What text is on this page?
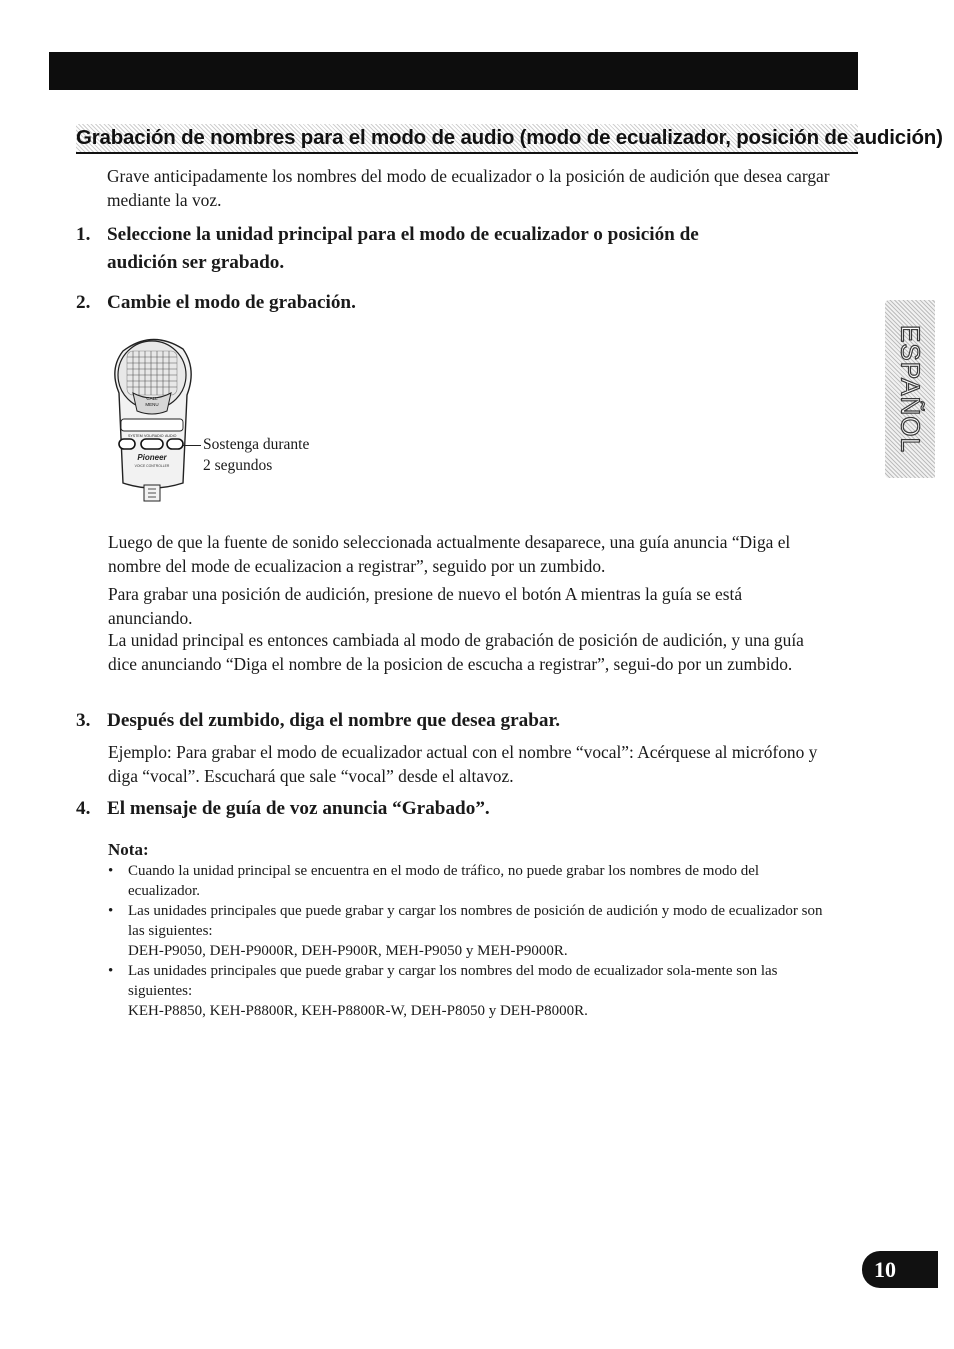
Grabación de nombres para el modo de audio (modo de ecualizador, posición de audición)

Grave anticipadamente los nombres del modo de ecualizador o la posición de audición que desea cargar mediante la voz.

1. Seleccione la unidad principal para el modo de ecualizador o posición de
audición ser grabado.
2. Cambie el modo de grabación.
CALL
MENU
SYSTEM VOL/RADIO AUDIO
Pioneer
VOICE CONTROLLER

Sostenga durante
2 segundos

Luego de que la fuente de sonido seleccionada actualmente desaparece, una guía anuncia “Diga el nombre del mode de ecualizacion a registrar”, seguido por un zumbido.

Para grabar una posición de audición, presione de nuevo el botón A mientras la guía se está anunciando.

La unidad principal es entonces cambiada al modo de grabación de posición de audición, y una guía dice anunciando “Diga el nombre de la posicion de escucha a registrar”, segui-do por un zumbido.

3. Después del zumbido, diga el nombre que desea grabar.

Ejemplo: Para grabar el modo de ecualizador actual con el nombre “vocal”: Acérquese al micrófono y diga “vocal”. Escuchará que sale “vocal” desde el altavoz.

4. El mensaje de guía de voz anuncia “Grabado”.

Nota:

• Cuando la unidad principal se encuentra en el modo de tráfico, no puede grabar los nombres de modo del ecualizador.
• Las unidades principales que puede grabar y cargar los nombres de posición de audición y modo de ecualizador son las siguientes:
DEH-P9050, DEH-P9000R, DEH-P900R, MEH-P9050 y MEH-P9000R.
• Las unidades principales que puede grabar y cargar los nombres del modo de ecualizador sola-mente son las siguientes:
KEH-P8850, KEH-P8800R, KEH-P8800R-W, DEH-P8050 y DEH-P8000R.
ESPAÑOL
10
